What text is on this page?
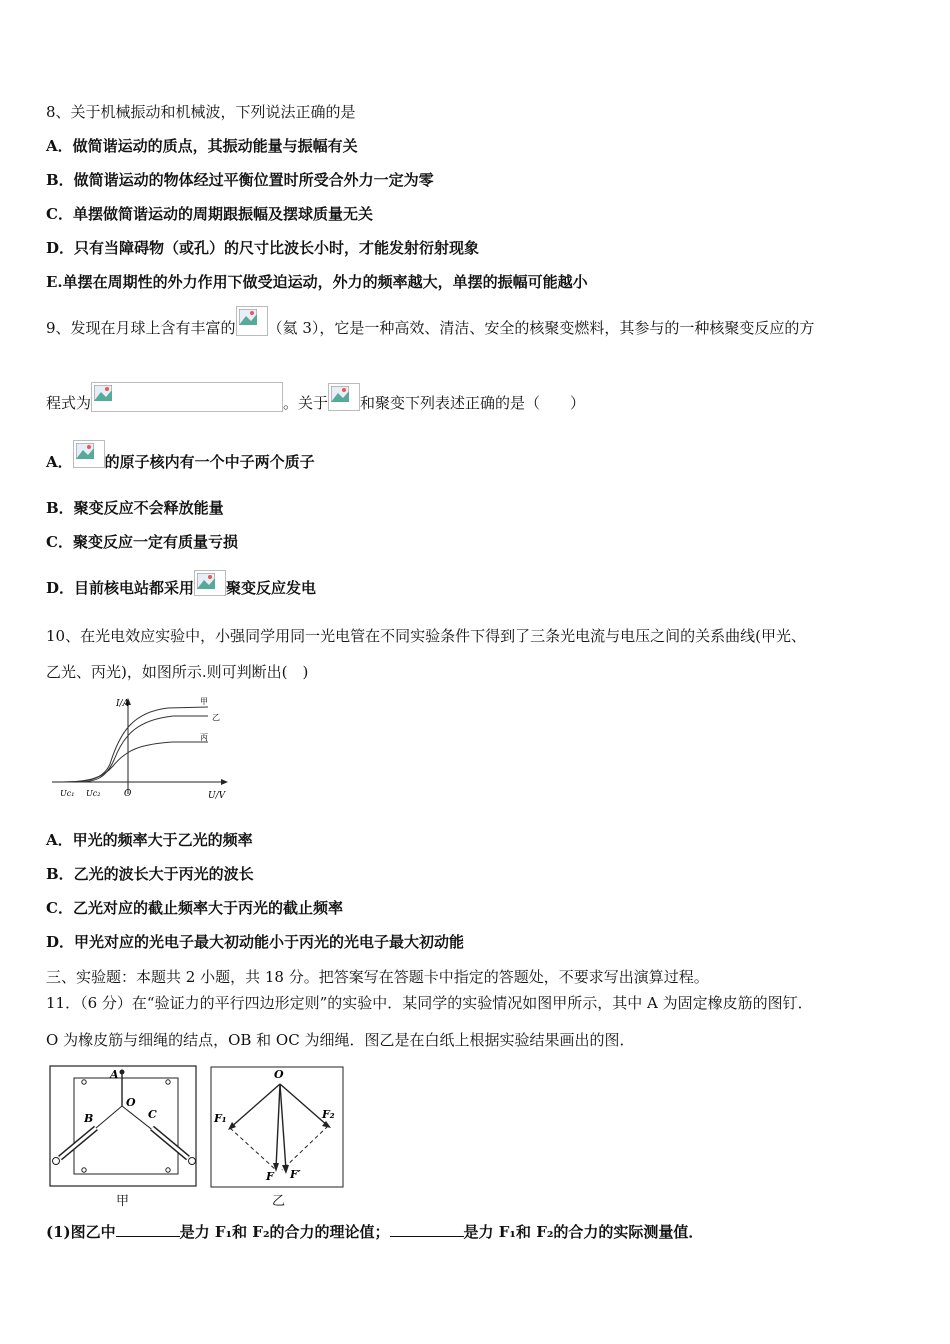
8、关于机械振动和机械波，下列说法正确的是
A．做简谐运动的质点，其振动能量与振幅有关
B．做简谐运动的物体经过平衡位置时所受合外力一定为零
C．单摆做简谐运动的周期跟振幅及摆球质量无关
D．只有当障碍物（或孔）的尺寸比波长小时，才能发射衍射现象
E.单摆在周期性的外力作用下做受迫运动，外力的频率越大，单摆的振幅可能越小
9、发现在月球上含有丰富的 （氦 3），它是一种高效、清洁、安全的核聚变燃料，其参与的一种核聚变反应的方
程式为	。关于 和聚变下列表述正确的是（　　）
A． 的原子核内有一个中子两个质子
B．聚变反应不会释放能量
C．聚变反应一定有质量亏损
D．目前核电站都采用 聚变反应发电
10、在光电效应实验中，小强同学用同一光电管在不同实验条件下得到了三条光电流与电压之间的关系曲线(甲光、
乙光、丙光)，如图所示.则可判断出(　)
I/A
U/V
O
Uc₁ Uc₂
甲
乙
丙
A．甲光的频率大于乙光的频率
B．乙光的波长大于丙光的波长
C．乙光对应的截止频率大于丙光的截止频率
D．甲光对应的光电子最大初动能小于丙光的光电子最大初动能
三、实验题：本题共 2 小题，共 18 分。把答案写在答题卡中指定的答题处，不要求写出演算过程。
11．（6 分）在“验证力的平行四边形定则”的实验中．某同学的实验情况如图甲所示，其中 A 为固定橡皮筋的图钉．
O 为橡皮筋与细绳的结点，OB 和 OC 为细绳．图乙是在白纸上根据实验结果画出的图．
A
O
B	C
甲
O
F₁	F₂
F F′
乙
(1)图乙中	是力 F₁和 F₂的合力的理论值；	是力 F₁和 F₂的合力的实际测量值．
